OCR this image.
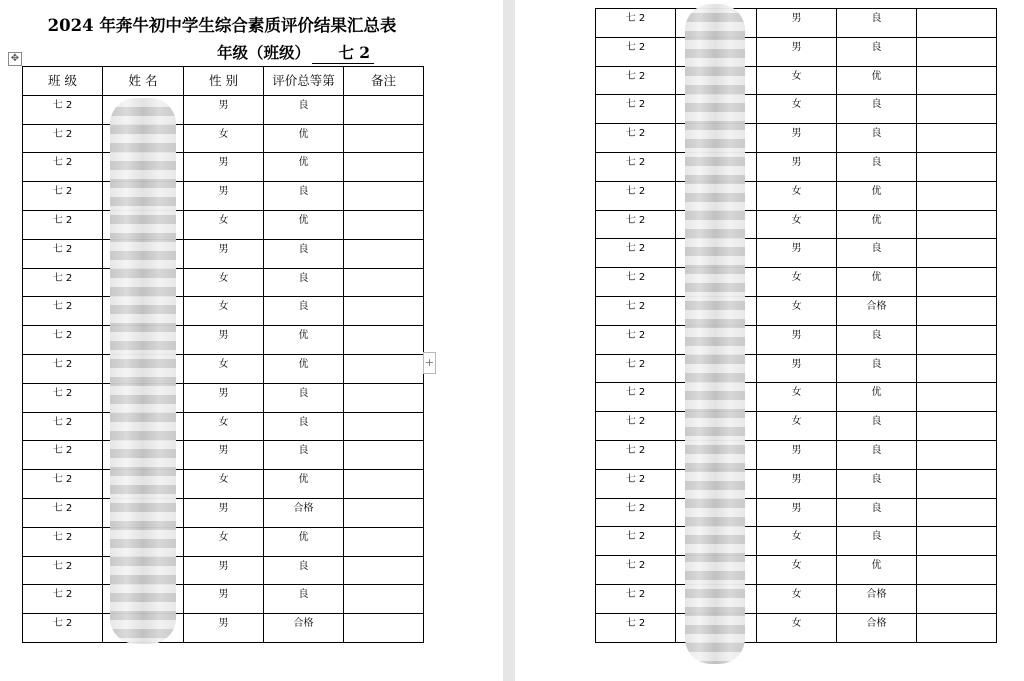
2024 年奔牛初中学生综合素质评价结果汇总表
年级（班级） 七 2
班 级	姓 名	性 别	评价总等第	备注
七 2		男	良	
七 2		女	优	
七 2		男	优	
七 2		男	良	
七 2		女	优	
七 2		男	良	
七 2		女	良	
七 2		女	良	
七 2		男	优	
七 2		女	优	
七 2		男	良	
七 2		女	良	
七 2		男	良	
七 2		女	优	
七 2		男	合格	
七 2		女	优	
七 2		男	良	
七 2		男	良	
七 2		男	合格	
✥
+
七 2		男	良	
七 2		男	良	
七 2		女	优	
七 2		女	良	
七 2		男	良	
七 2		男	良	
七 2		女	优	
七 2		女	优	
七 2		男	良	
七 2		女	优	
七 2		女	合格	
七 2		男	良	
七 2		男	良	
七 2		女	优	
七 2		女	良	
七 2		男	良	
七 2		男	良	
七 2		男	良	
七 2		女	良	
七 2		女	优	
七 2		女	合格	
七 2		女	合格	
